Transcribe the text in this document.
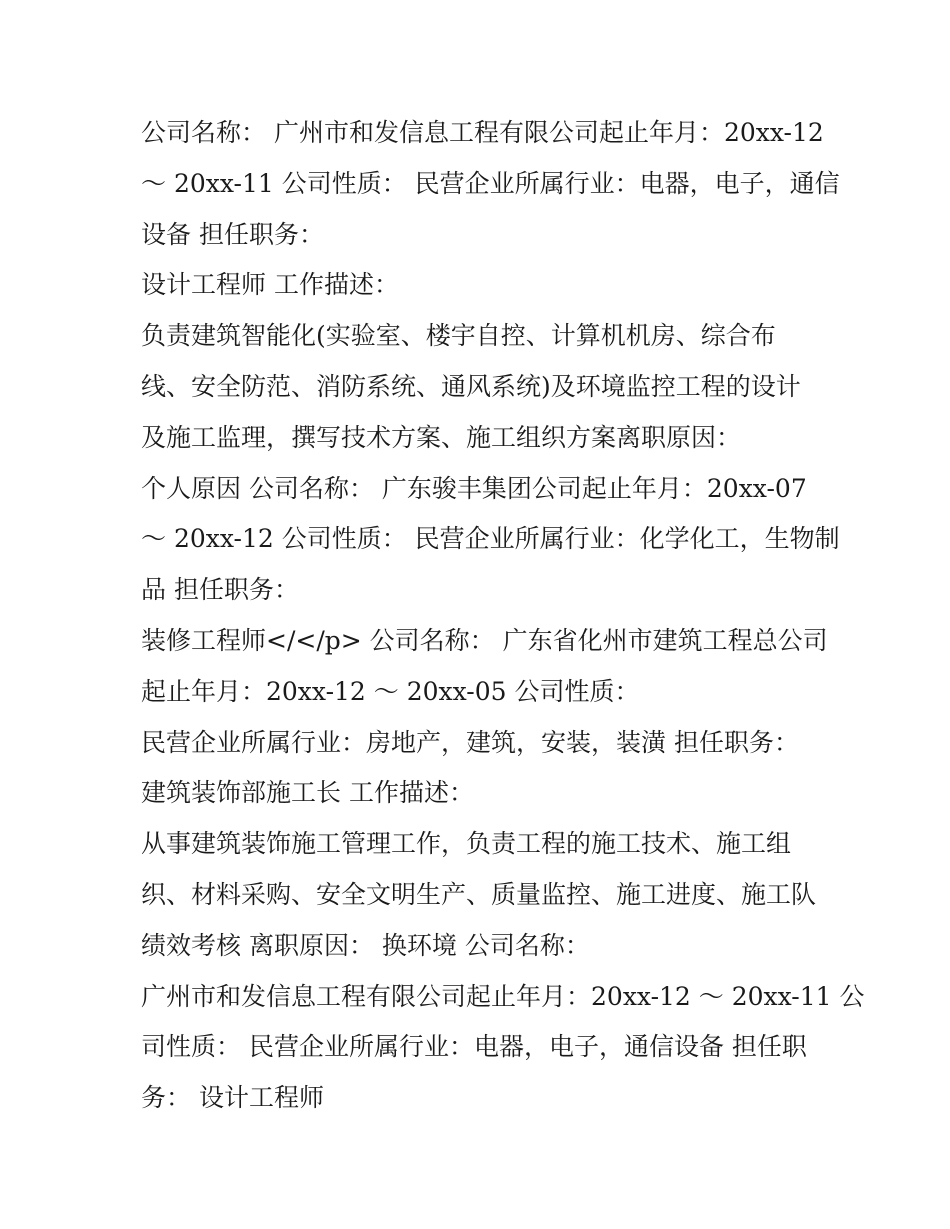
公司名称： 广州市和发信息工程有限公司起止年月：20xx-12
～ 20xx-11 公司性质： 民营企业所属行业：电器，电子，通信
设备 担任职务：
设计工程师 工作描述：
负责建筑智能化(实验室、楼宇自控、计算机机房、综合布
线、安全防范、消防系统、通风系统)及环境监控工程的设计
及施工监理，撰写技术方案、施工组织方案离职原因：
个人原因 公司名称： 广东骏丰集团公司起止年月：20xx-07
～ 20xx-12 公司性质： 民营企业所属行业：化学化工，生物制
品 担任职务：
装修工程师</</p> 公司名称： 广东省化州市建筑工程总公司
起止年月：20xx-12 ～ 20xx-05 公司性质：
民营企业所属行业：房地产，建筑，安装，装潢 担任职务：
建筑装饰部施工长 工作描述：
从事建筑装饰施工管理工作，负责工程的施工技术、施工组
织、材料采购、安全文明生产、质量监控、施工进度、施工队
绩效考核 离职原因： 换环境 公司名称：
广州市和发信息工程有限公司起止年月：20xx-12 ～ 20xx-11 公
司性质： 民营企业所属行业：电器，电子，通信设备 担任职
务： 设计工程师
